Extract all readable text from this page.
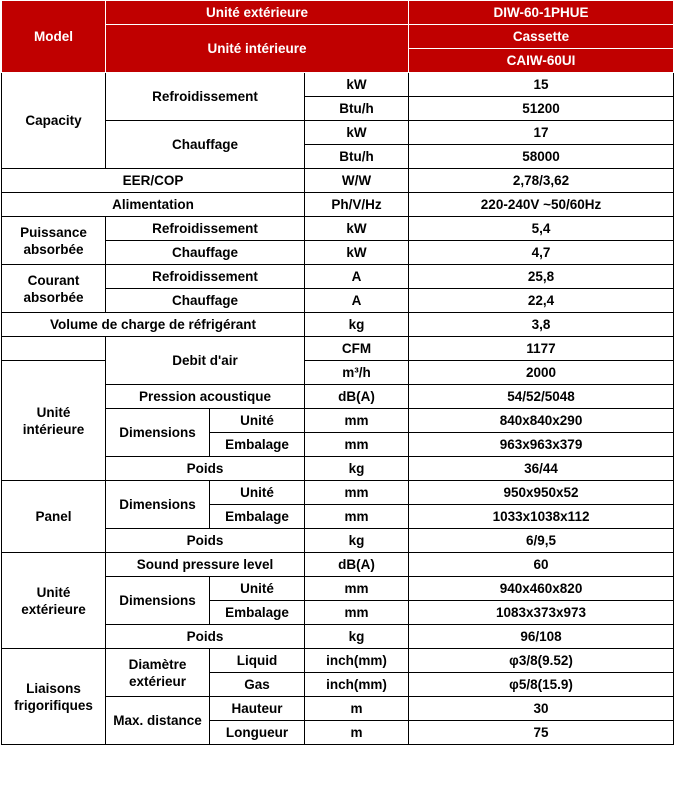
Model	Unité extérieure			DIW-60-1PHUE
	Unité intérieure			Cassette
				CAIW-60UI
Capacity	Refroidissement		kW	15
			Btu/h	51200
	Chauffage		kW	17
			Btu/h	58000
EER/COP			W/W	2,78/3,62
Alimentation			Ph/V/Hz	220-240V ~50/60Hz
Puissance absorbée	Refroidissement		kW	5,4
	Chauffage		kW	4,7
Courant absorbée	Refroidissement		A	25,8
	Chauffage		A	22,4
Volume de charge de réfrigérant			kg	3,8
	Debit d'air		CFM	1177
Unité intérieure			m³/h	2000
	Pression acoustique		dB(A)	54/52/5048
	Dimensions	Unité	mm	840x840x290
		Embalage	mm	963x963x379
	Poids		kg	36/44
Panel	Dimensions	Unité	mm	950x950x52
		Embalage	mm	1033x1038x112
	Poids		kg	6/9,5
Unité extérieure	Sound pressure level		dB(A)	60
	Dimensions	Unité	mm	940x460x820
		Embalage	mm	1083x373x973
	Poids		kg	96/108
Liaisons frigorifiques	Diamètre extérieur	Liquid	inch(mm)	φ3/8(9.52)
		Gas	inch(mm)	φ5/8(15.9)
	Max. distance	Hauteur	m	30
		Longueur	m	75
